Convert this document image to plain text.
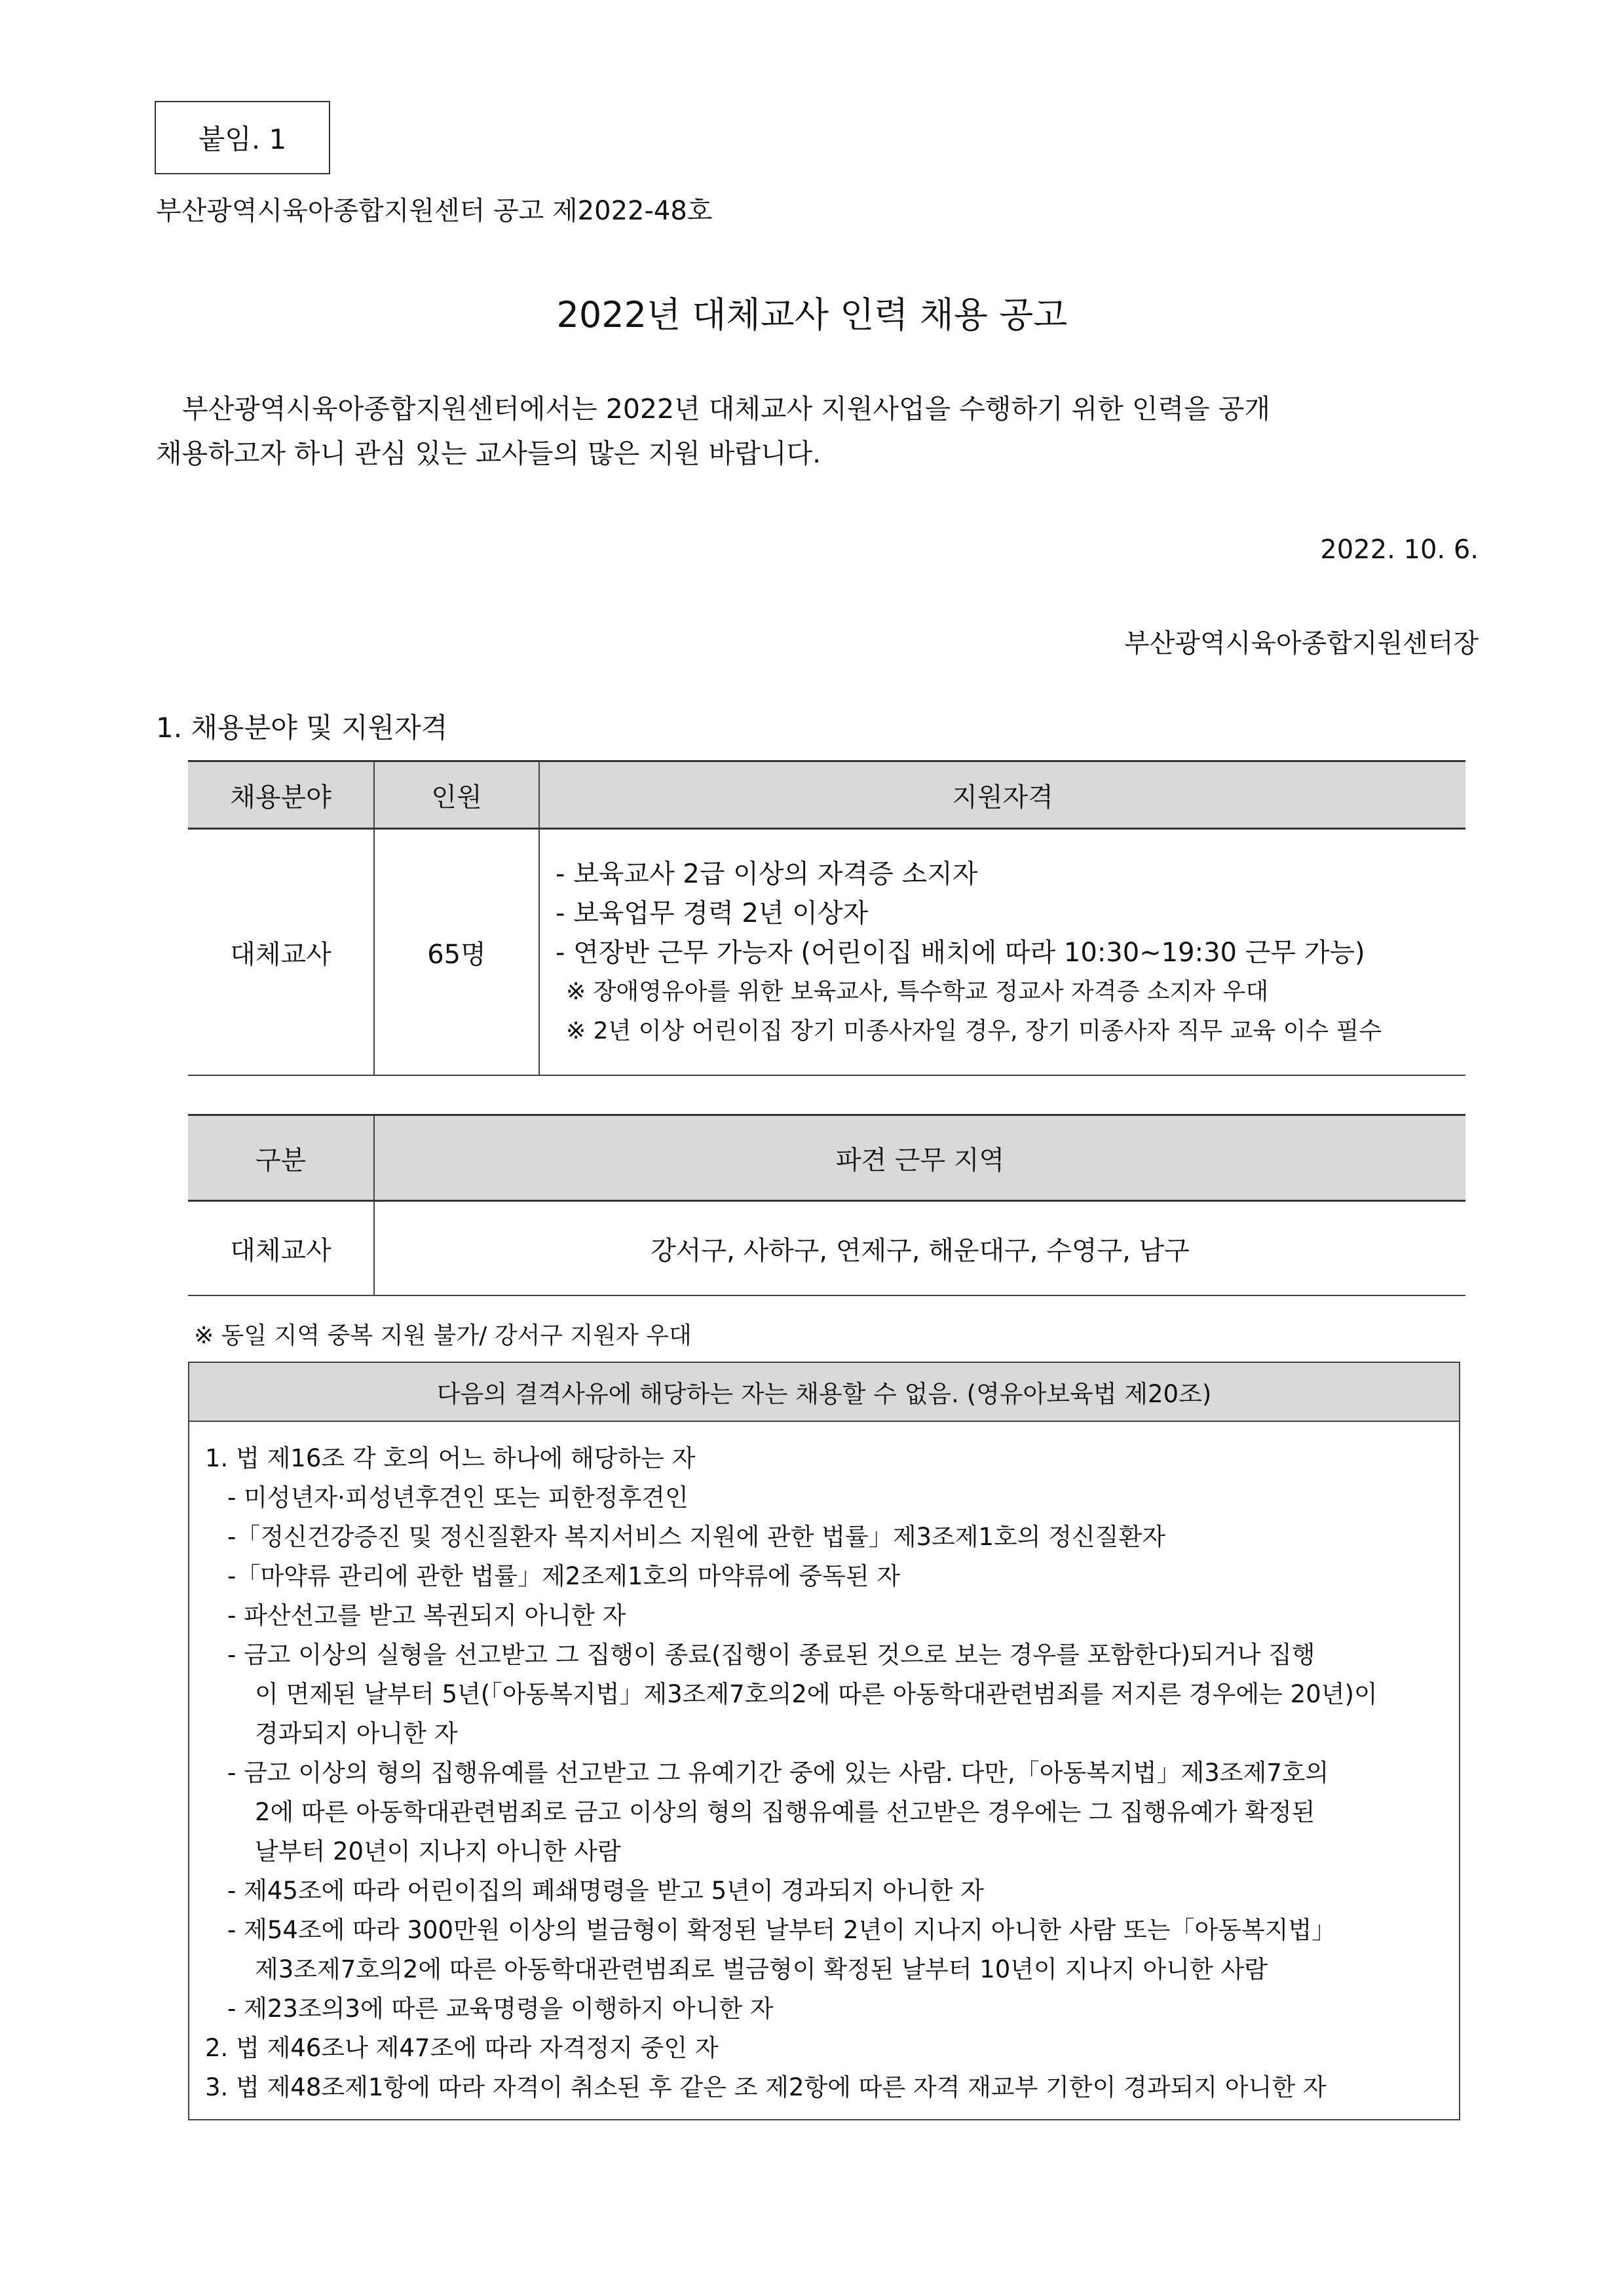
붙임. 1
부산광역시육아종합지원센터 공고 제2022-48호
2022년 대체교사 인력 채용 공고
부산광역시육아종합지원센터에서는 2022년 대체교사 지원사업을 수행하기 위한 인력을 공개
채용하고자 하니 관심 있는 교사들의 많은 지원 바랍니다.
2022. 10. 6.
부산광역시육아종합지원센터장
1. 채용분야 및 지원자격
채용분야	인원	지원자격
대체교사	65명	- 보육교사 2급 이상의 자격증 소지자
- 보육업무 경력 2년 이상자
- 연장반 근무 가능자 (어린이집 배치에 따라 10:30~19:30 근무 가능)
※ 장애영유아를 위한 보육교사, 특수학교 정교사 자격증 소지자 우대
※ 2년 이상 어린이집 장기 미종사자일 경우, 장기 미종사자 직무 교육 이수 필수
구분	파견 근무 지역
대체교사	강서구, 사하구, 연제구, 해운대구, 수영구, 남구
※ 동일 지역 중복 지원 불가/ 강서구 지원자 우대
다음의 결격사유에 해당하는 자는 채용할 수 없음. (영유아보육법 제20조)
1. 법 제16조 각 호의 어느 하나에 해당하는 자
- 미성년자·피성년후견인 또는 피한정후견인
-「정신건강증진 및 정신질환자 복지서비스 지원에 관한 법률」제3조제1호의 정신질환자
-「마약류 관리에 관한 법률」제2조제1호의 마약류에 중독된 자
- 파산선고를 받고 복권되지 아니한 자
- 금고 이상의 실형을 선고받고 그 집행이 종료(집행이 종료된 것으로 보는 경우를 포함한다)되거나 집행
이 면제된 날부터 5년(「아동복지법」제3조제7호의2에 따른 아동학대관련범죄를 저지른 경우에는 20년)이
경과되지 아니한 자
- 금고 이상의 형의 집행유예를 선고받고 그 유예기간 중에 있는 사람. 다만,「아동복지법」제3조제7호의
2에 따른 아동학대관련범죄로 금고 이상의 형의 집행유예를 선고받은 경우에는 그 집행유예가 확정된
날부터 20년이 지나지 아니한 사람
- 제45조에 따라 어린이집의 폐쇄명령을 받고 5년이 경과되지 아니한 자
- 제54조에 따라 300만원 이상의 벌금형이 확정된 날부터 2년이 지나지 아니한 사람 또는「아동복지법」
제3조제7호의2에 따른 아동학대관련범죄로 벌금형이 확정된 날부터 10년이 지나지 아니한 사람
- 제23조의3에 따른 교육명령을 이행하지 아니한 자
2. 법 제46조나 제47조에 따라 자격정지 중인 자
3. 법 제48조제1항에 따라 자격이 취소된 후 같은 조 제2항에 따른 자격 재교부 기한이 경과되지 아니한 자
